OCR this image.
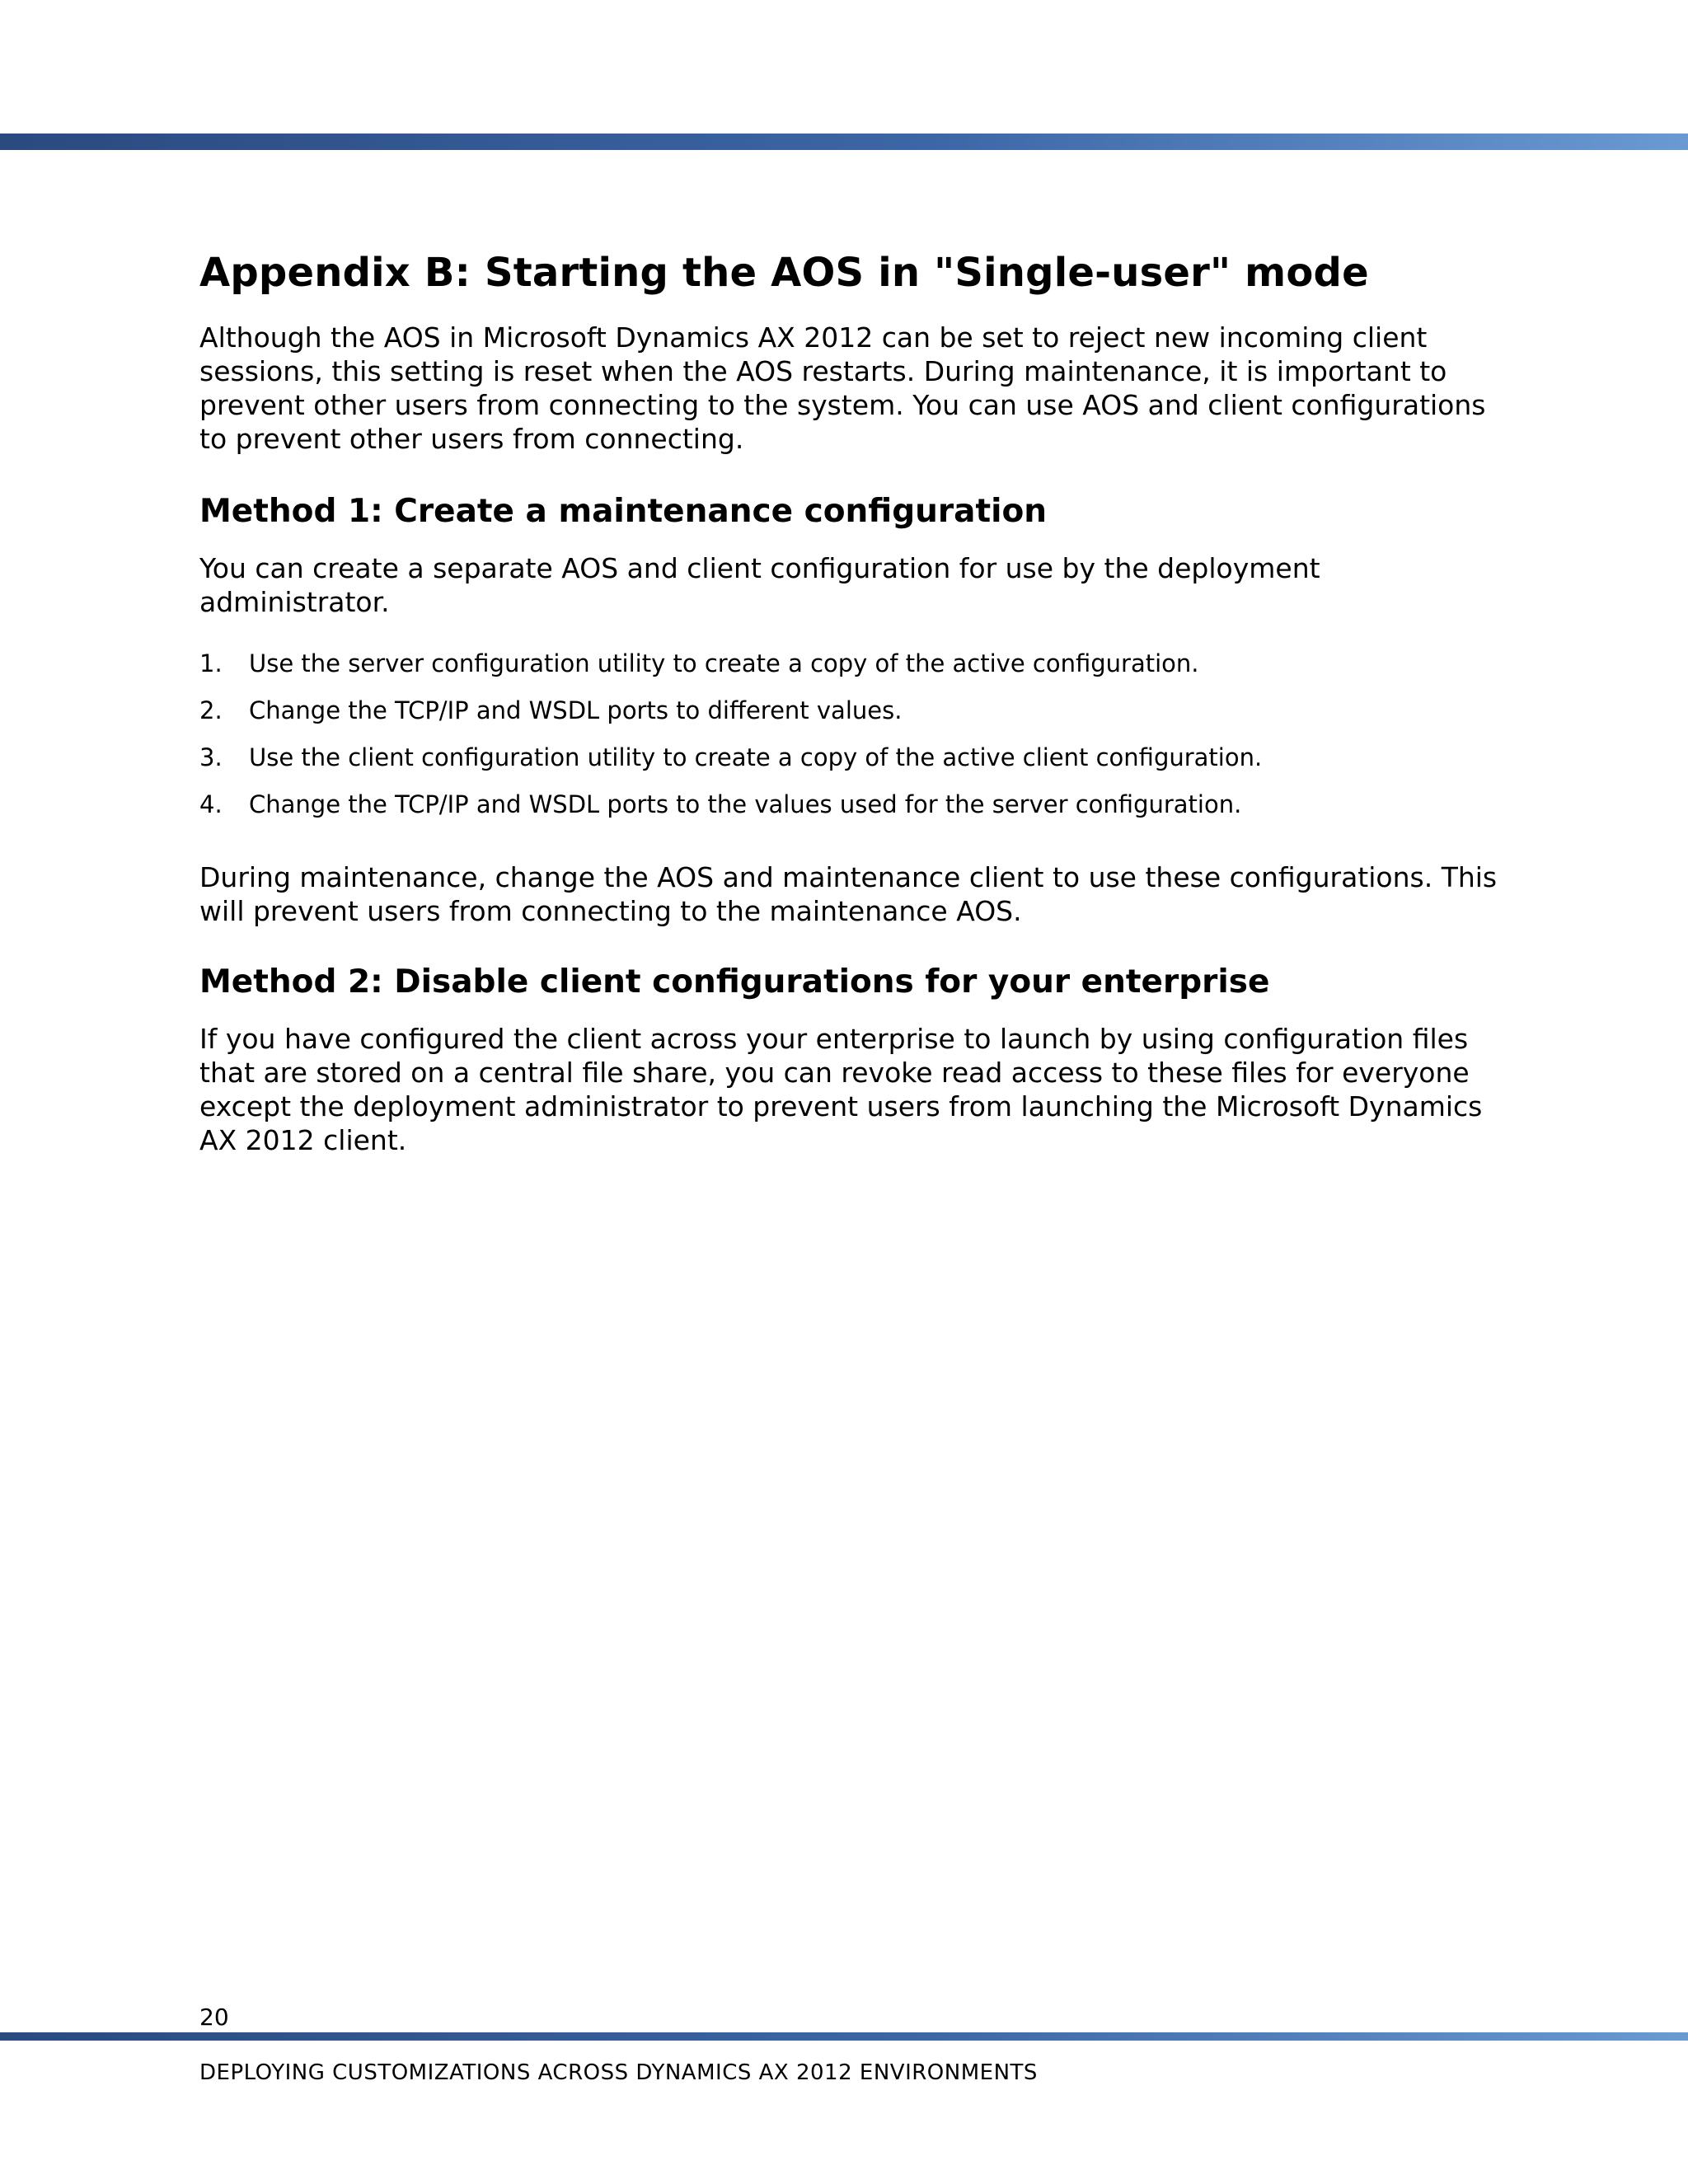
Appendix B: Starting the AOS in "Single-user" mode

Although the AOS in Microsoft Dynamics AX 2012 can be set to reject new incoming client sessions, this setting is reset when the AOS restarts. During maintenance, it is important to prevent other users from connecting to the system. You can use AOS and client configurations to prevent other users from connecting.

Method 1: Create a maintenance configuration

You can create a separate AOS and client configuration for use by the deployment administrator.

1.	Use the server configuration utility to create a copy of the active configuration.
2.	Change the TCP/IP and WSDL ports to different values.
3.	Use the client configuration utility to create a copy of the active client configuration.
4.	Change the TCP/IP and WSDL ports to the values used for the server configuration.

During maintenance, change the AOS and maintenance client to use these configurations. This will prevent users from connecting to the maintenance AOS.

Method 2: Disable client configurations for your enterprise

If you have configured the client across your enterprise to launch by using configuration files that are stored on a central file share, you can revoke read access to these files for everyone except the deployment administrator to prevent users from launching the Microsoft Dynamics AX 2012 client.

20
DEPLOYING CUSTOMIZATIONS ACROSS DYNAMICS AX 2012 ENVIRONMENTS
